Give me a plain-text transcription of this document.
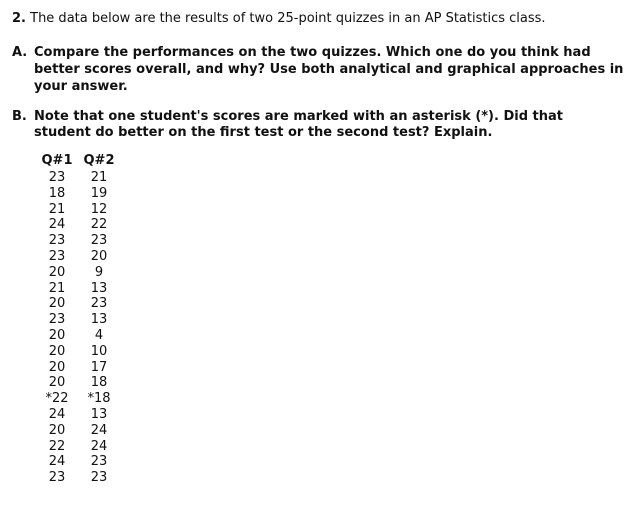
2. The data below are the results of two 25-point quizzes in an AP Statistics class.
A. Compare the performances on the two quizzes. Which one do you think had
better scores overall, and why? Use both analytical and graphical approaches in
your answer.
B. Note that one student's scores are marked with an asterisk (*). Did that
student do better on the first test or the second test? Explain.
Q#1 Q#2
23	21
18	19
21	12
24	22
23	23
23	20
20	9
21	13
20	23
23	13
20	4
20	10
20	17
20	18
*22	*18
24	13
20	24
22	24
24	23
23	23
